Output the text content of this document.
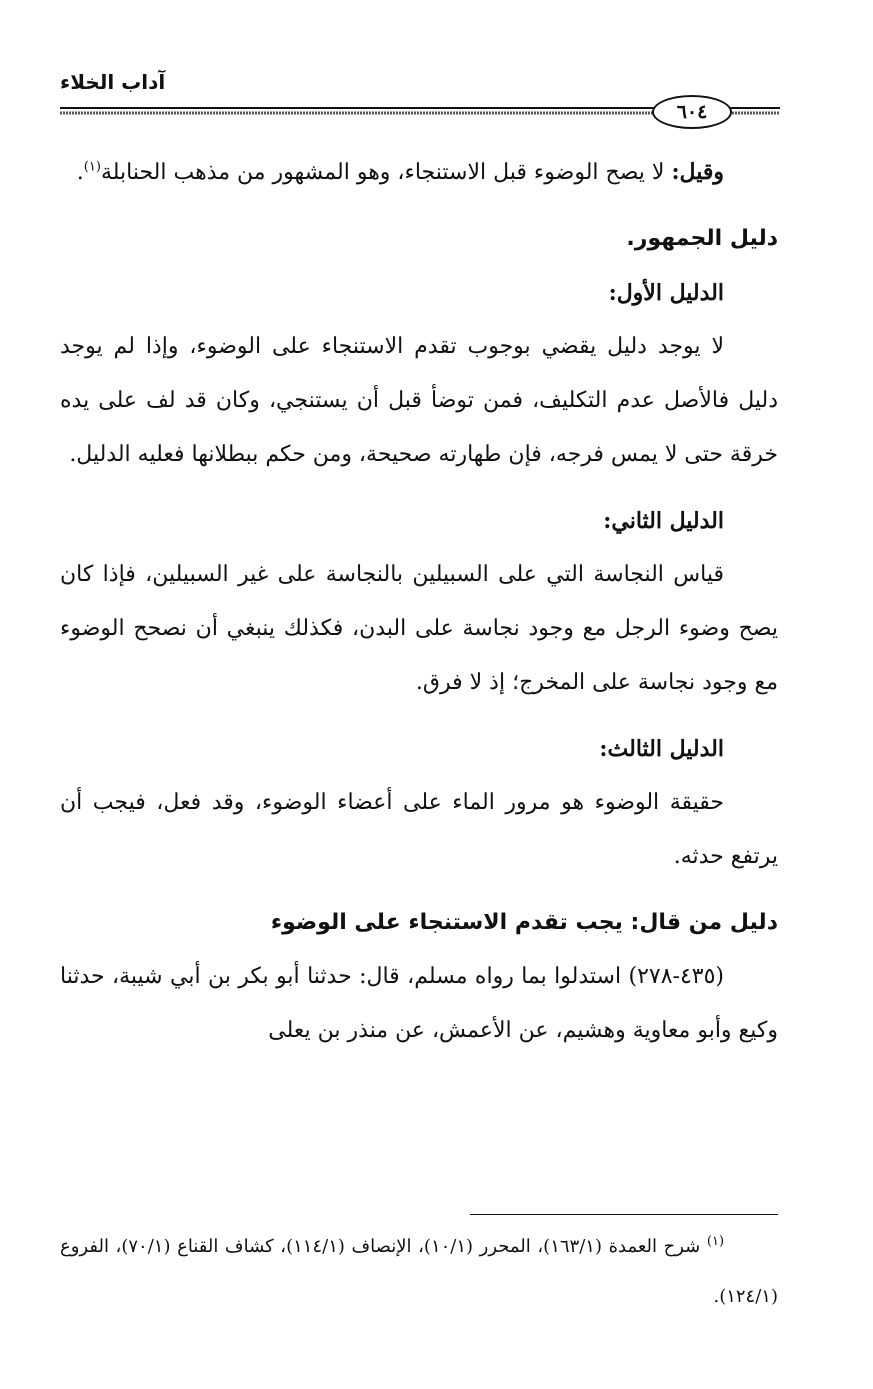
آداب الخلاء
٦٠٤

وقيل: لا يصح الوضوء قبل الاستنجاء، وهو المشهور من مذهب الحنابلة$^{(١)}$.

دليل الجمهور.

الدليل الأول:

لا يوجد دليل يقضي بوجوب تقدم الاستنجاء على الوضوء، وإذا لم يوجد دليل فالأصل عدم التكليف، فمن توضأ قبل أن يستنجي، وكان قد لف على يده خرقة حتى لا يمس فرجه، فإن طهارته صحيحة، ومن حكم ببطلانها فعليه الدليل.

الدليل الثاني:

قياس النجاسة التي على السبيلين بالنجاسة على غير السبيلين، فإذا كان يصح وضوء الرجل مع وجود نجاسة على البدن، فكذلك ينبغي أن نصحح الوضوء مع وجود نجاسة على المخرج؛ إذ لا فرق.

الدليل الثالث:

حقيقة الوضوء هو مرور الماء على أعضاء الوضوء، وقد فعل، فيجب أن يرتفع حدثه.

دليل من قال: يجب تقدم الاستنجاء على الوضوء

(٤٣٥-٢٧٨) استدلوا بما رواه مسلم، قال: حدثنا أبو بكر بن أبي شيبة، حدثنا وكيع وأبو معاوية وهشيم، عن الأعمش، عن منذر بن يعلى

$^{(١)}$ شرح العمدة (١٦٣/١)، المحرر (١٠/١)، الإنصاف (١١٤/١)، كشاف القناع (٧٠/١)، الفروع (١٢٤/١).
